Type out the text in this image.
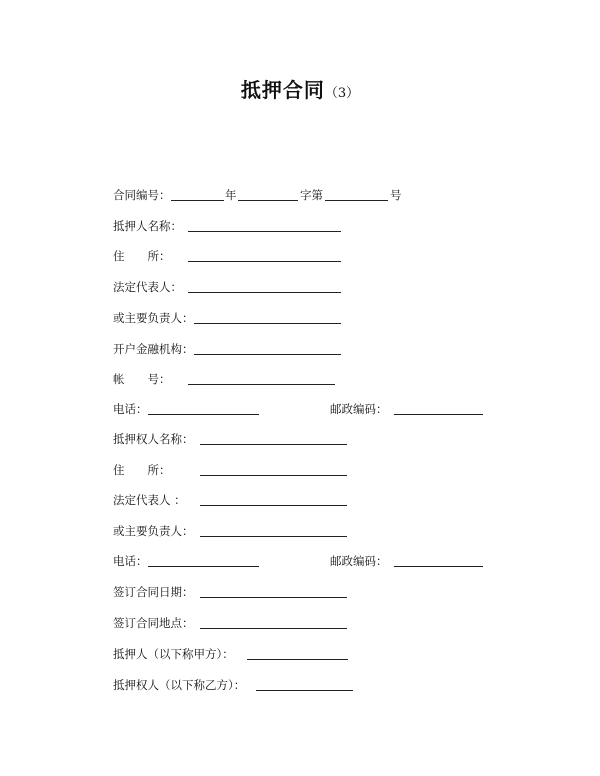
抵押合同（3）
合同编号：	年	字第	号
抵押人名称：
住　　所：
法定代表人：
或主要负责人：
开户金融机构：
帐　　号：
电话：	邮政编码：
抵押权人名称：
住　　所：
法定代表人 ：
或主要负责人：
电话：	邮政编码：
签订合同日期：
签订合同地点：
抵押人（以下称甲方）：
抵押权人（以下称乙方）：
